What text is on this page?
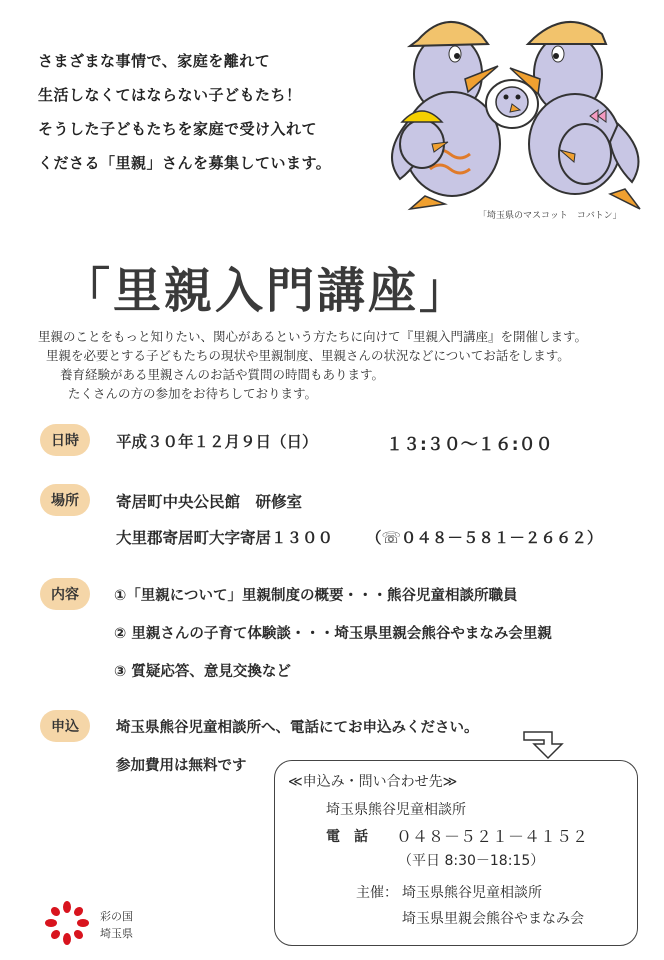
さまざまな事情で、家庭を離れて
生活しなくてはならない子どもたち！
そうした子どもたちを家庭で受け入れて
くださる「里親」さんを募集しています。
「埼玉県のマスコット　コバトン」
「里親入門講座」
里親のことをもっと知りたい、関心があるという方たちに向けて『里親入門講座』を開催します。
里親を必要とする子どもたちの現状や里親制度、里親さんの状況などについてお話をします。
養育経験がある里親さんのお話や質問の時間もあります。
たくさんの方の参加をお待ちしております。
日時	平成３０年１２月９日（日）	１３:３０～１６:００
場所	寄居町中央公民館　研修室
大里郡寄居町大字寄居１３００ （☏０４８－５８１－２６６２）
内容	①「里親について」里親制度の概要・・・熊谷児童相談所職員
② 里親さんの子育て体験談・・・埼玉県里親会熊谷やまなみ会里親
③ 質疑応答、意見交換など
申込	埼玉県熊谷児童相談所へ、電話にてお申込みください。
参加費用は無料です
≪申込み・問い合わせ先≫
埼玉県熊谷児童相談所
電　話 ０４８－５２１－４１５２
（平日 8:30－18:15）
主催： 埼玉県熊谷児童相談所
埼玉県里親会熊谷やまなみ会
彩の国
埼玉県
